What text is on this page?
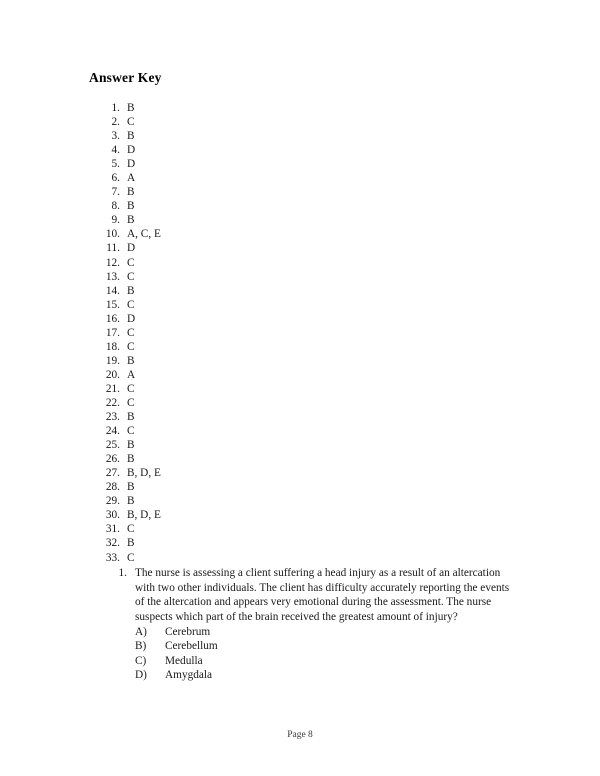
Answer Key
1. B
2. C
3. B
4. D
5. D
6. A
7. B
8. B
9. B
10. A, C, E
11. D
12. C
13. C
14. B
15. C
16. D
17. C
18. C
19. B
20. A
21. C
22. C
23. B
24. C
25. B
26. B
27. B, D, E
28. B
29. B
30. B, D, E
31. C
32. B
33. C
1. The nurse is assessing a client suffering a head injury as a result of an altercation with two other individuals. The client has difficulty accurately reporting the events of the altercation and appears very emotional during the assessment. The nurse suspects which part of the brain received the greatest amount of injury?
A) Cerebrum
B) Cerebellum
C) Medulla
D) Amygdala
Page 8
